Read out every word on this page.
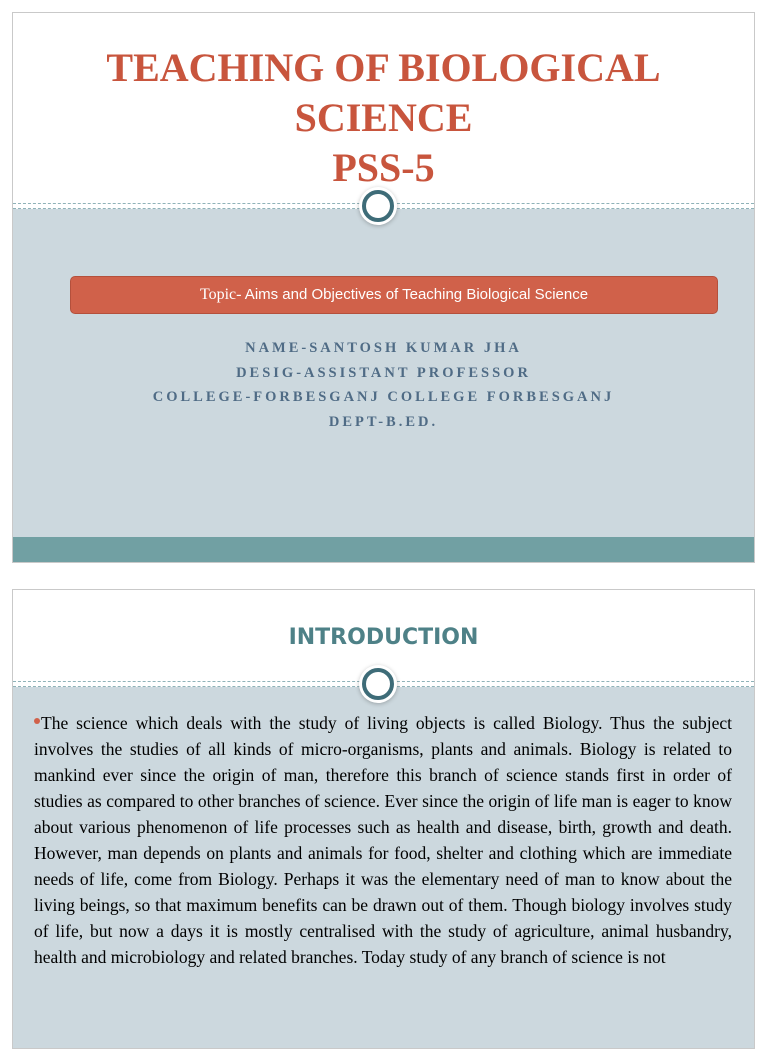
TEACHING OF BIOLOGICAL
SCIENCE
PSS-5
Topic- Aims and Objectives of Teaching Biological Science
NAME-SANTOSH KUMAR JHA
DESIG-ASSISTANT PROFESSOR
COLLEGE-FORBESGANJ COLLEGE FORBESGANJ
DEPT-B.ED.
INTRODUCTION

The science which deals with the study of living objects is called Biology. Thus the subject involves the studies of all kinds of micro-organisms, plants and animals. Biology is related to mankind ever since the origin of man, therefore this branch of science stands first in order of studies as compared to other branches of science. Ever since the origin of life man is eager to know about various phenomenon of life processes such as health and disease, birth, growth and death. However, man depends on plants and animals for food, shelter and clothing which are immediate needs of life, come from Biology. Perhaps it was the elementary need of man to know about the living beings, so that maximum benefits can be drawn out of them. Though biology involves study of life, but now a days it is mostly centralised with the study of agriculture, animal husbandry, health and microbiology and related branches. Today study of any branch of science is not
